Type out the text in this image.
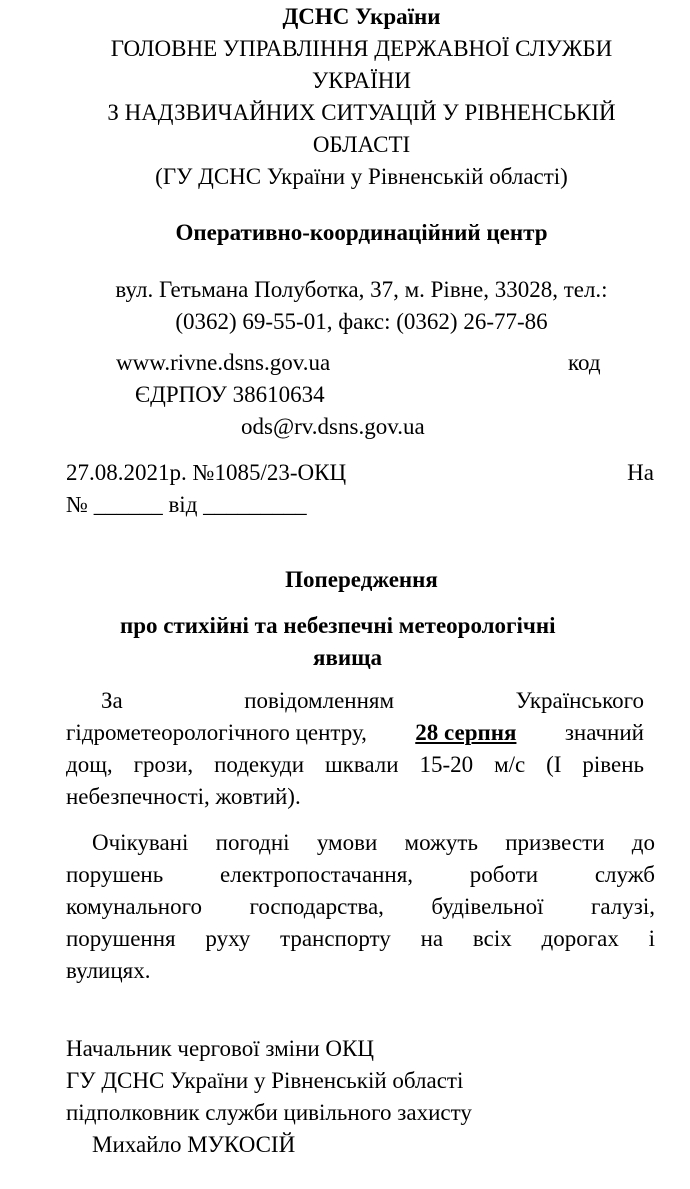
ДСНС України
ГОЛОВНЕ УПРАВЛІННЯ ДЕРЖАВНОЇ СЛУЖБИ
УКРАЇНИ
З НАДЗВИЧАЙНИХ СИТУАЦІЙ У РІВНЕНСЬКІЙ
ОБЛАСТІ
(ГУ ДСНС України у Рівненській області)
Оперативно-координаційний центр
вул. Гетьмана Полуботка, 37, м. Рівне, 33028, тел.:
(0362) 69-55-01, факс: (0362) 26-77-86
www.rivne.dsns.gov.ua	код
ЄДРПОУ 38610634
ods@rv.dsns.gov.ua
27.08.2021р. №1085/23-ОКЦ	На
№ ______ від _________
Попередження
про стихійні та небезпечні метеорологічні
явища
За	повідомленням	Українського
гідрометеорологічного центру, 28 серпня значний
дощ, грози, подекуди шквали 15-20 м/с (I рівень
небезпечності, жовтий).
Очікувані погодні умови можуть призвести до
порушень електропостачання, роботи служб
комунального господарства, будівельної галузі,
порушення руху транспорту на всіх дорогах і
вулицях.
Начальник чергової зміни ОКЦ
ГУ ДСНС України у Рівненській області
підполковник служби цивільного захисту
Михайло МУКОСІЙ
